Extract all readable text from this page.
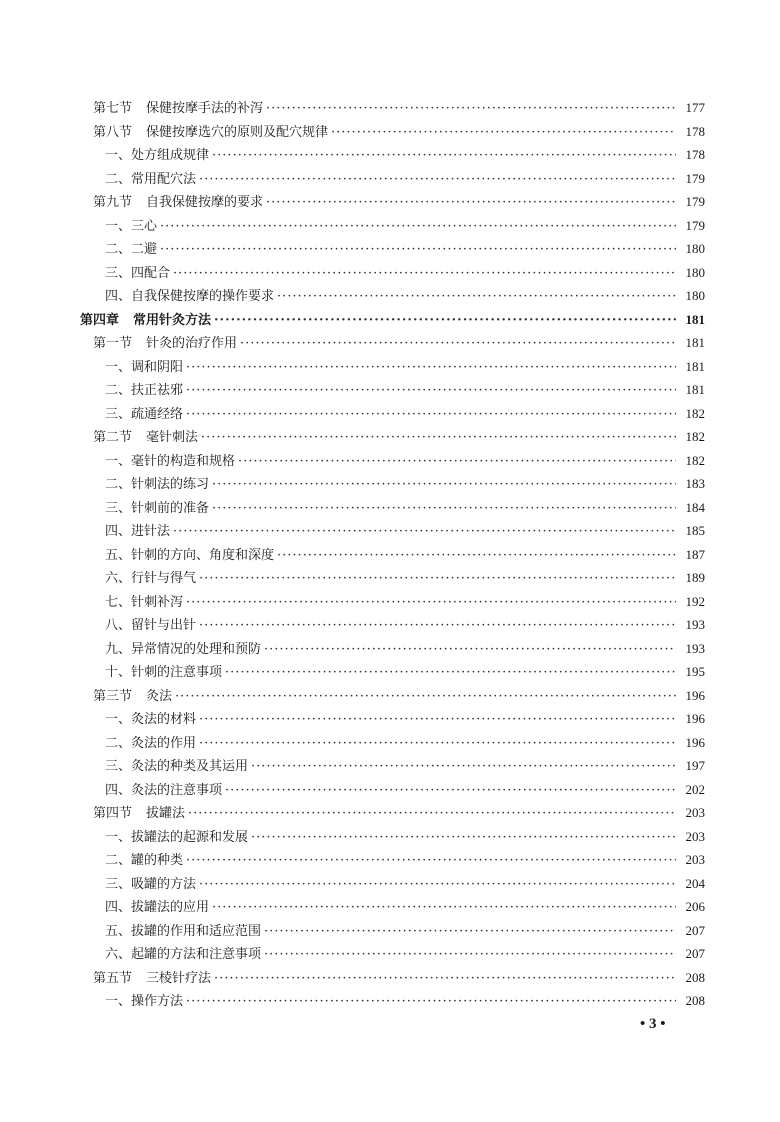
第七节 保健按摩手法的补泻 ·····	177
第八节 保健按摩选穴的原则及配穴规律 ·····	178
一、处方组成规律 ·····	178
二、常用配穴法 ·····	179
第九节 自我保健按摩的要求 ·····	179
一、三心 ·····	179
二、二避 ·····	180
三、四配合 ·····	180
四、自我保健按摩的操作要求 ·····	180
第四章 常用针灸方法 ·····	181
第一节 针灸的治疗作用 ·····	181
一、调和阴阳 ·····	181
二、扶正祛邪 ·····	181
三、疏通经络 ·····	182
第二节 毫针刺法 ·····	182
一、毫针的构造和规格 ·····	182
二、针刺法的练习 ·····	183
三、针刺前的准备 ·····	184
四、进针法 ·····	185
五、针刺的方向、角度和深度 ·····	187
六、行针与得气 ·····	189
七、针刺补泻 ·····	192
八、留针与出针 ·····	193
九、异常情况的处理和预防 ·····	193
十、针刺的注意事项 ·····	195
第三节 灸法 ·····	196
一、灸法的材料 ·····	196
二、灸法的作用 ·····	196
三、灸法的种类及其运用 ·····	197
四、灸法的注意事项 ·····	202
第四节 拔罐法 ·····	203
一、拔罐法的起源和发展 ·····	203
二、罐的种类 ·····	203
三、吸罐的方法 ·····	204
四、拔罐法的应用 ·····	206
五、拔罐的作用和适应范围 ·····	207
六、起罐的方法和注意事项 ·····	207
第五节 三棱针疗法 ·····	208
一、操作方法 ·····	208
• 3 •
